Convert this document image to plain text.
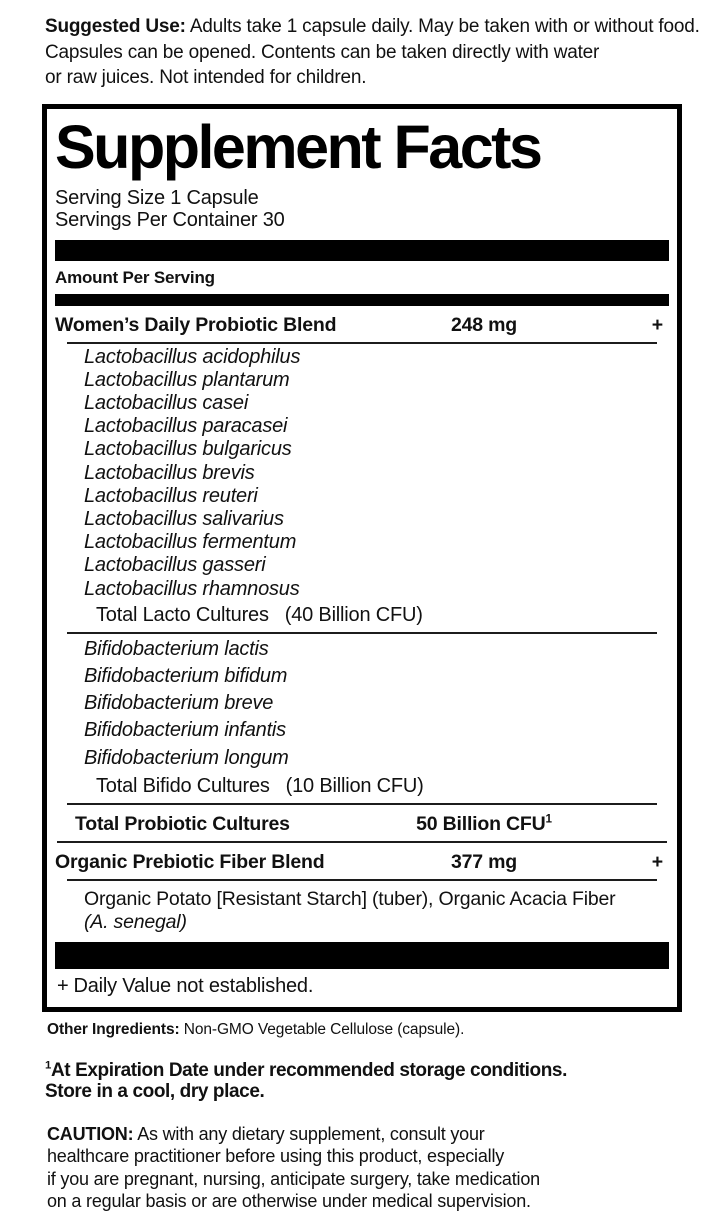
Suggested Use: Adults take 1 capsule daily. May be taken with or without food.
Capsules can be opened. Contents can be taken directly with water
or raw juices. Not intended for children.
Supplement Facts
Serving Size 1 Capsule
Servings Per Container 30
Amount Per Serving
Women’s Daily Probiotic Blend	248 mg	+
Lactobacillus acidophilus
Lactobacillus plantarum
Lactobacillus casei
Lactobacillus paracasei
Lactobacillus bulgaricus
Lactobacillus brevis
Lactobacillus reuteri
Lactobacillus salivarius
Lactobacillus fermentum
Lactobacillus gasseri
Lactobacillus rhamnosus
Total Lacto Cultures (40 Billion CFU)
Bifidobacterium lactis
Bifidobacterium bifidum
Bifidobacterium breve
Bifidobacterium infantis
Bifidobacterium longum
Total Bifido Cultures (10 Billion CFU)
Total Probiotic Cultures	50 Billion CFU$^1$
Organic Prebiotic Fiber Blend	377 mg	+
Organic Potato [Resistant Starch] (tuber), Organic Acacia Fiber
(A. senegal)
+ Daily Value not established.
Other Ingredients: Non-GMO Vegetable Cellulose (capsule).
$^1$At Expiration Date under recommended storage conditions.
Store in a cool, dry place.
CAUTION: As with any dietary supplement, consult your
healthcare practitioner before using this product, especially
if you are pregnant, nursing, anticipate surgery, take medication
on a regular basis or are otherwise under medical supervision.
